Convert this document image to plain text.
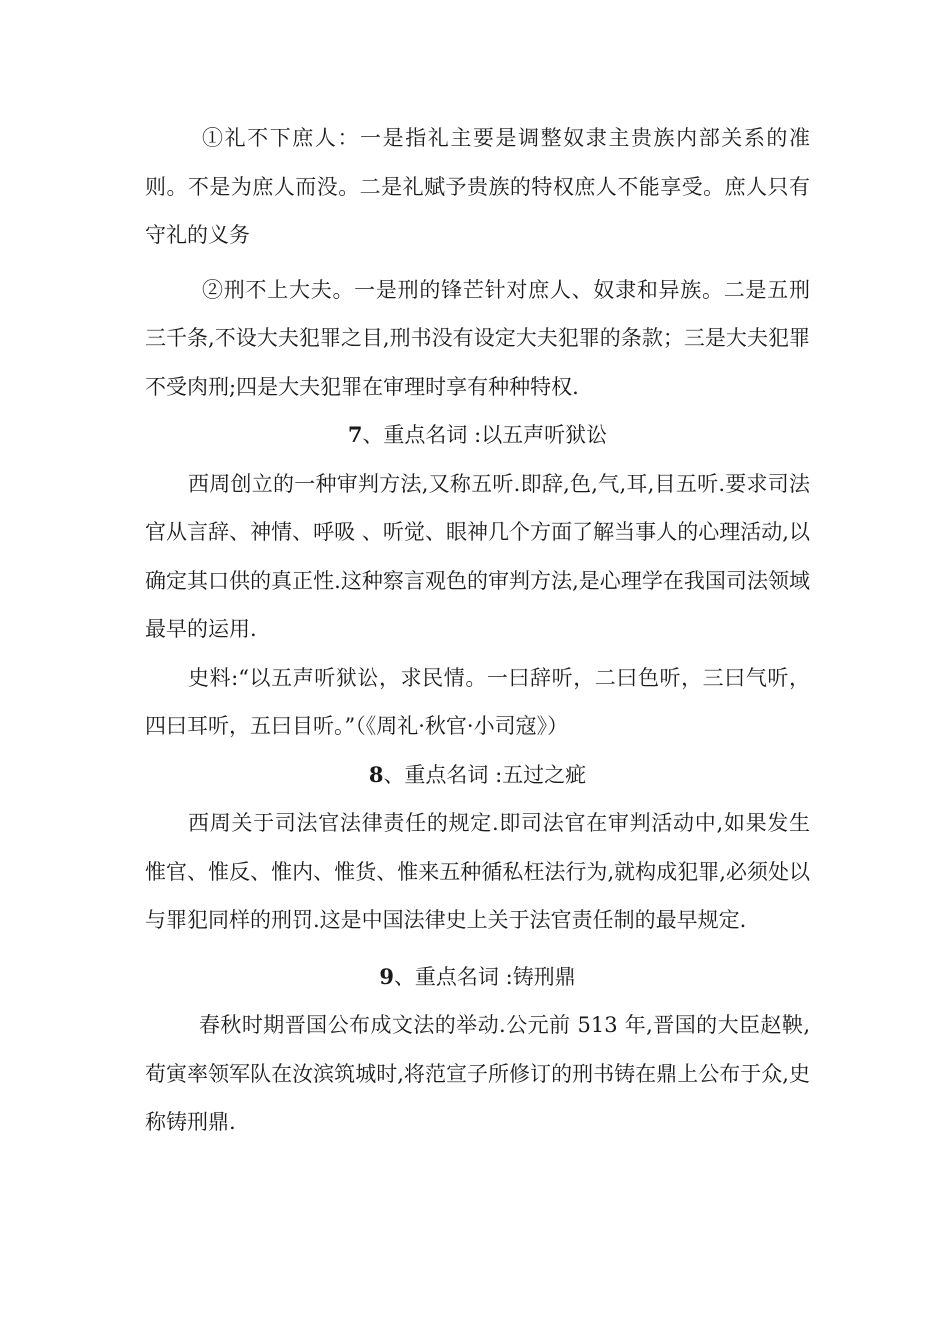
①礼不下庶人：一是指礼主要是调整奴隶主贵族内部关系的准则。不是为庶人而没。二是礼赋予贵族的特权庶人不能享受。庶人只有守礼的义务

②刑不上大夫。一是刑的锋芒针对庶人、奴隶和异族。二是五刑三千条,不设大夫犯罪之目,刑书没有设定大夫犯罪的条款；三是大夫犯罪不受肉刑;四是大夫犯罪在审理时享有种种特权.

7、重点名词 :以五声听狱讼

西周创立的一种审判方法,又称五听.即辞,色,气,耳,目五听.要求司法官从言辞、神情、呼吸 、听觉、眼神几个方面了解当事人的心理活动,以确定其口供的真正性.这种察言观色的审判方法,是心理学在我国司法领域最早的运用.

史料:“以五声听狱讼，求民情。一曰辞听，二曰色听，三曰气听，四曰耳听，五曰目听。”（《周礼·秋官·小司寇》）

8、重点名词 :五过之疵

西周关于司法官法律责任的规定.即司法官在审判活动中,如果发生惟官、惟反、惟内、惟货、惟来五种循私枉法行为,就构成犯罪,必须处以与罪犯同样的刑罚.这是中国法律史上关于法官责任制的最早规定.

9、重点名词 :铸刑鼎

春秋时期晋国公布成文法的举动.公元前 513 年,晋国的大臣赵鞅,荀寅率领军队在汝滨筑城时,将范宣子所修订的刑书铸在鼎上公布于众,史称铸刑鼎.
